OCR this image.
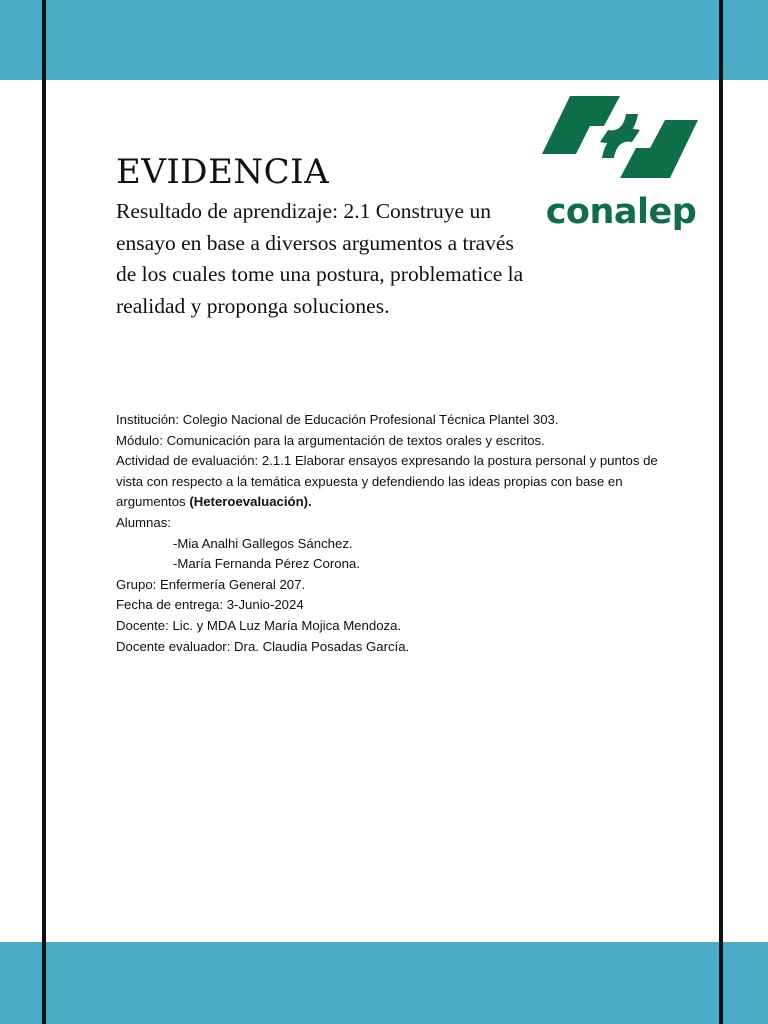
EVIDENCIA

Resultado de aprendizaje: 2.1 Construye un ensayo en base a diversos argumentos a través de los cuales tome una postura, problematice la realidad y proponga soluciones.

conalep
Institución: Colegio Nacional de Educación Profesional Técnica Plantel 303.
Módulo: Comunicación para la argumentación de textos orales y escritos.
Actividad de evaluación: 2.1.1 Elaborar ensayos expresando la postura personal y puntos de vista con respecto a la temática expuesta y defendiendo las ideas propias con base en argumentos (Heteroevaluación).
Alumnas:
-Mia Analhi Gallegos Sánchez.
-María Fernanda Pérez Corona.
Grupo: Enfermería General 207.
Fecha de entrega: 3-Junio-2024
Docente: Lic. y MDA Luz María Mojica Mendoza.
Docente evaluador: Dra. Claudia Posadas García.
